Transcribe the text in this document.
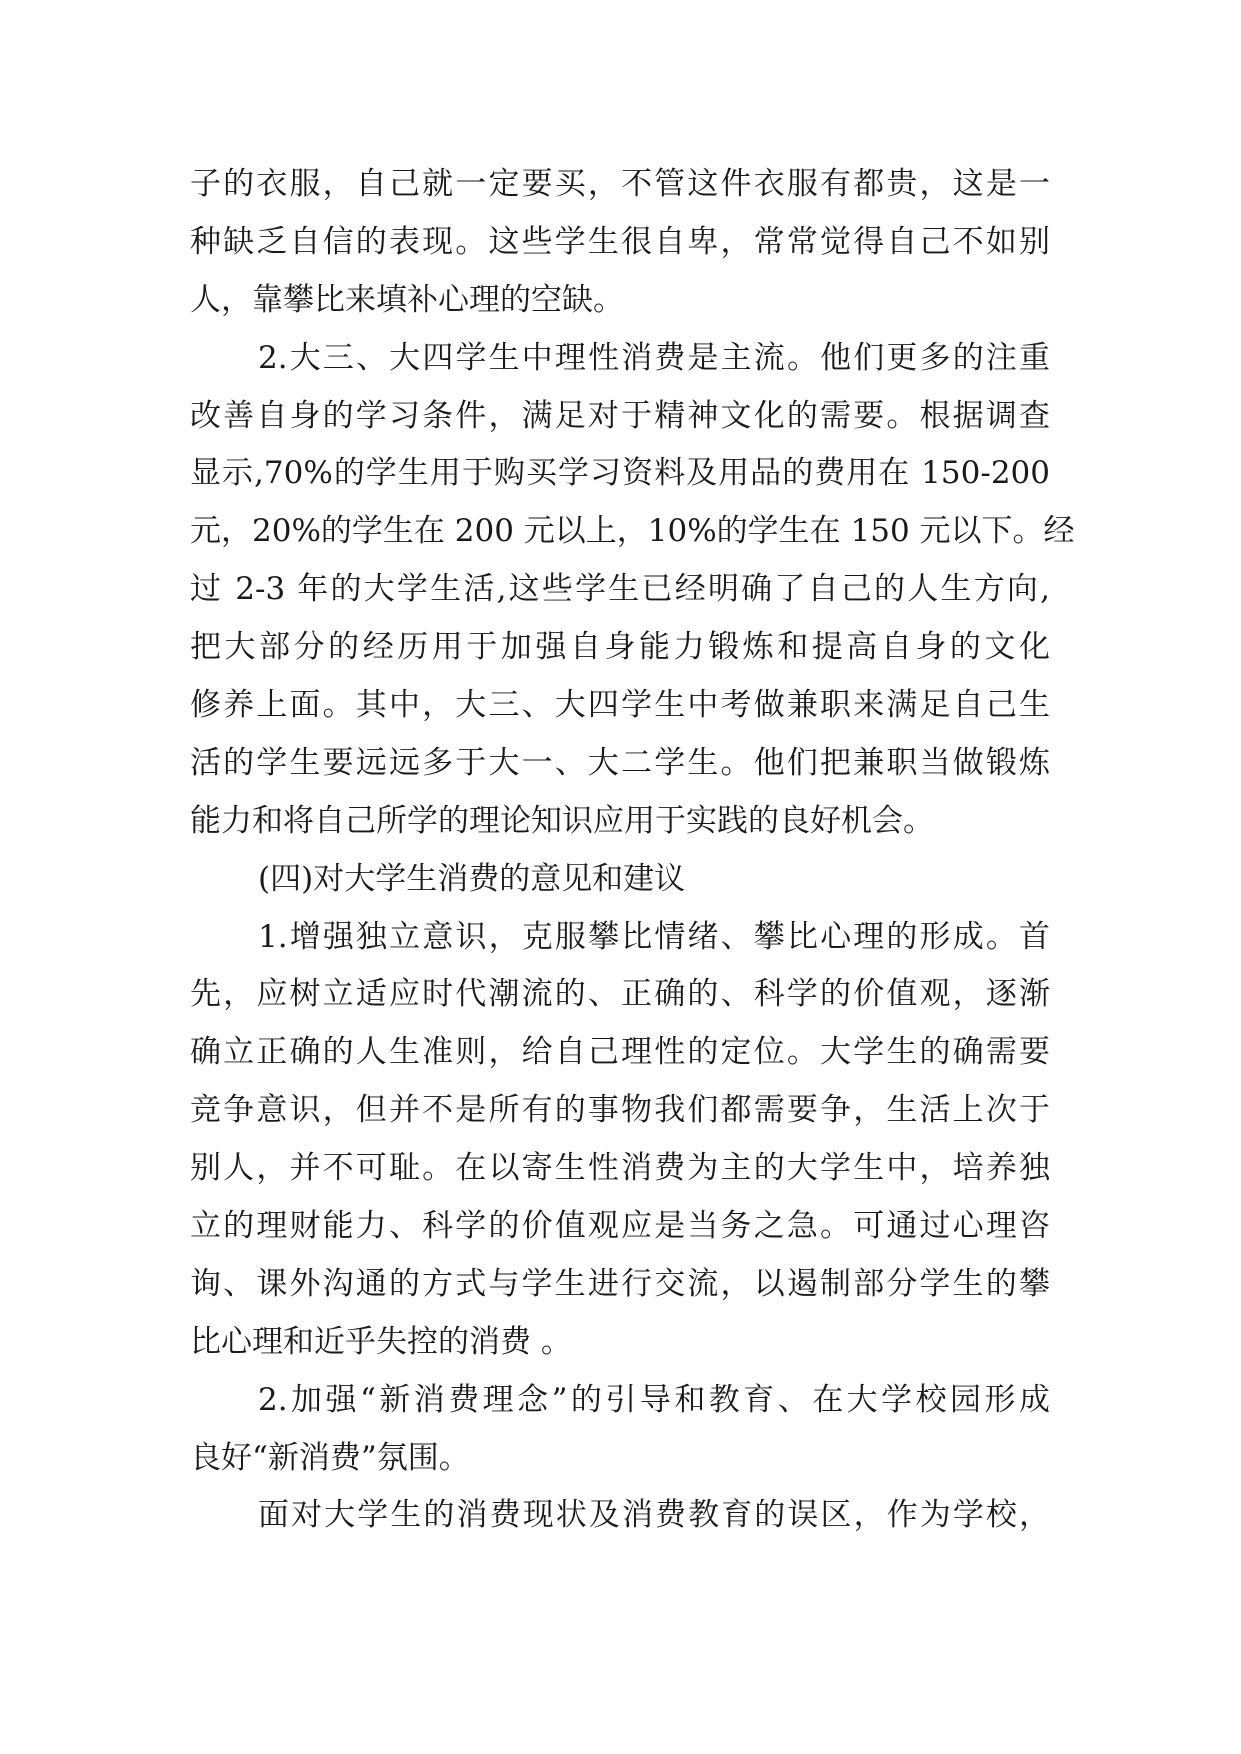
子的衣服，自己就一定要买，不管这件衣服有都贵，这是一
种缺乏自信的表现。这些学生很自卑，常常觉得自己不如别
人，靠攀比来填补心理的空缺。
2.大三、大四学生中理性消费是主流。他们更多的注重
改善自身的学习条件，满足对于精神文化的需要。根据调查
显示,70%的学生用于购买学习资料及用品的费用在 150-200
元，20%的学生在 200 元以上，10%的学生在 150 元以下。经
过 2-3 年的大学生活,这些学生已经明确了自己的人生方向,
把大部分的经历用于加强自身能力锻炼和提高自身的文化
修养上面。其中，大三、大四学生中考做兼职来满足自己生
活的学生要远远多于大一、大二学生。他们把兼职当做锻炼
能力和将自己所学的理论知识应用于实践的良好机会。
(四)对大学生消费的意见和建议
1.增强独立意识，克服攀比情绪、攀比心理的形成。首
先，应树立适应时代潮流的、正确的、科学的价值观，逐渐
确立正确的人生准则，给自己理性的定位。大学生的确需要
竞争意识，但并不是所有的事物我们都需要争，生活上次于
别人，并不可耻。在以寄生性消费为主的大学生中，培养独
立的理财能力、科学的价值观应是当务之急。可通过心理咨
询、课外沟通的方式与学生进行交流，以遏制部分学生的攀
比心理和近乎失控的消费 。
2.加强“新消费理念”的引导和教育、在大学校园形成
良好“新消费”氛围。
面对大学生的消费现状及消费教育的误区，作为学校，
